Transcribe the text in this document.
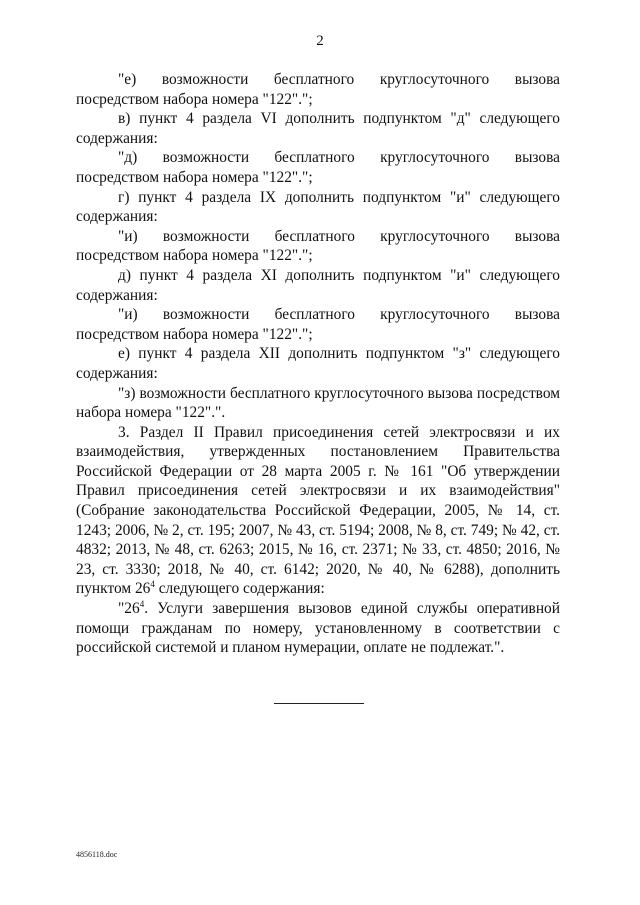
2

"е) возможности бесплатного круглосуточного вызова посредством набора номера "122".";

в) пункт 4 раздела VI дополнить подпунктом "д" следующего содержания:

"д) возможности бесплатного круглосуточного вызова посредством набора номера "122".";

г) пункт 4 раздела IX дополнить подпунктом "и" следующего содержания:

"и) возможности бесплатного круглосуточного вызова посредством набора номера "122".";

д) пункт 4 раздела XI дополнить подпунктом "и" следующего содержания:

"и) возможности бесплатного круглосуточного вызова посредством набора номера "122".";

е) пункт 4 раздела XII дополнить подпунктом "з" следующего содержания:

"з) возможности бесплатного круглосуточного вызова посредством набора номера "122".".

3. Раздел II Правил присоединения сетей электросвязи и их взаимодействия, утвержденных постановлением Правительства Российской Федерации от 28 марта 2005 г. № 161 "Об утверждении Правил присоединения сетей электросвязи и их взаимодействия" (Собрание законодательства Российской Федерации, 2005, № 14, ст. 1243; 2006, № 2, ст. 195; 2007, № 43, ст. 5194; 2008, № 8, ст. 749; № 42, ст. 4832; 2013, № 48, ст. 6263; 2015, № 16, ст. 2371; № 33, ст. 4850; 2016, № 23, ст. 3330; 2018, № 40, ст. 6142; 2020, № 40, № 6288), дополнить пунктом $26^4$ следующего содержания:

"$26^4$. Услуги завершения вызовов единой службы оперативной помощи гражданам по номеру, установленному в соответствии с российской системой и планом нумерации, оплате не подлежат.".

4856118.doc
